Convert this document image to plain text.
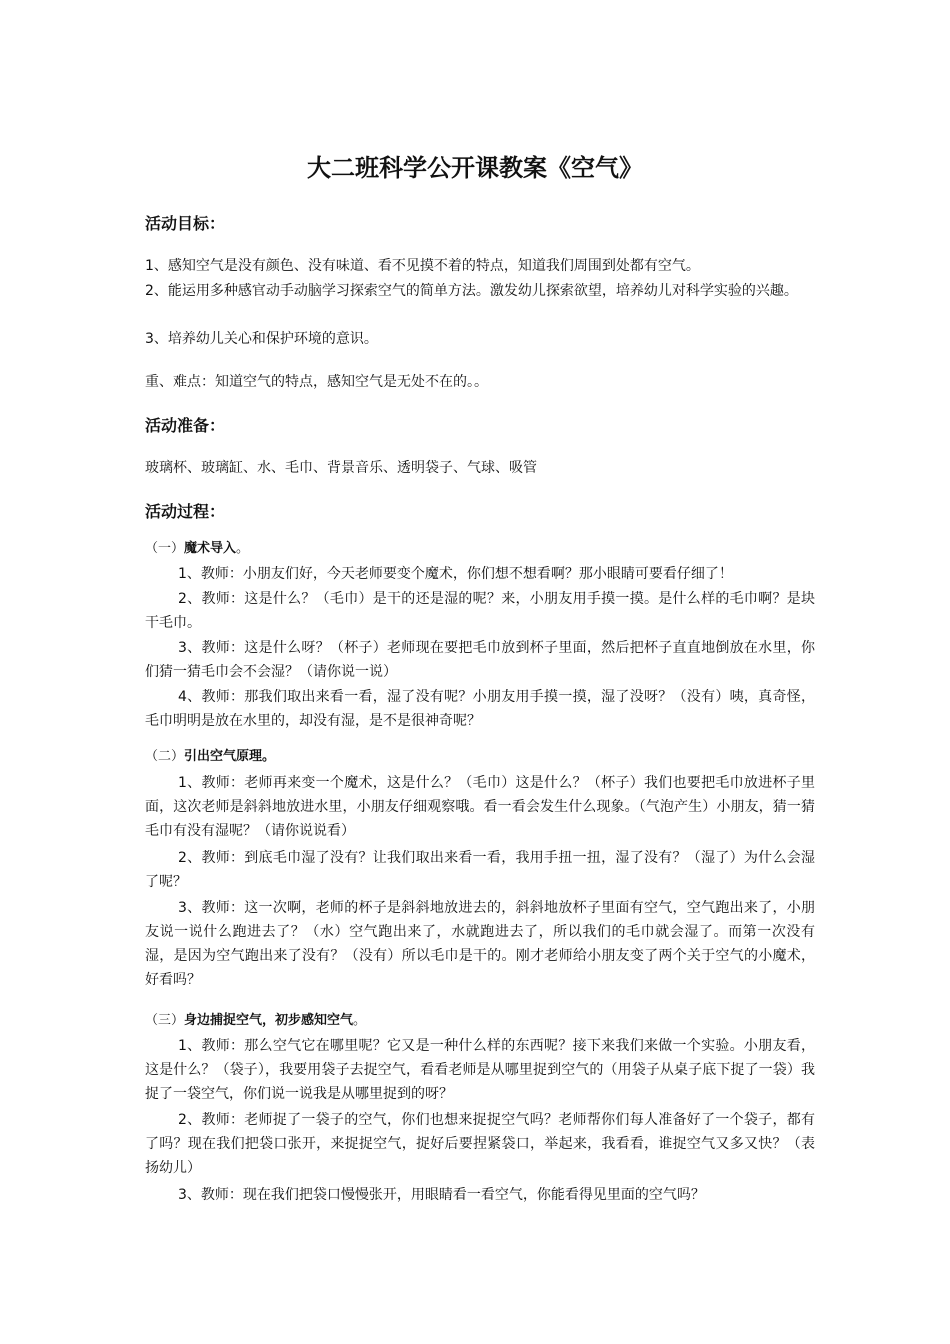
大二班科学公开课教案《空气》
活动目标：

1、感知空气是没有颜色、没有味道、看不见摸不着的特点，知道我们周围到处都有空气。

2、能运用多种感官动手动脑学习探索空气的简单方法。激发幼儿探索欲望，培养幼儿对科学实验的兴趣。

3、培养幼儿关心和保护环境的意识。

重、难点：知道空气的特点，感知空气是无处不在的。。

活动准备：

玻璃杯、玻璃缸、水、毛巾、背景音乐、透明袋子、气球、吸管

活动过程：
（一）魔术导入。

1、教师：小朋友们好，今天老师要变个魔术，你们想不想看啊？那小眼睛可要看仔细了！

2、教师：这是什么？（毛巾）是干的还是湿的呢？来，小朋友用手摸一摸。是什么样的毛巾啊？是块干毛巾。

3、教师：这是什么呀？（杯子）老师现在要把毛巾放到杯子里面，然后把杯子直直地倒放在水里，你们猜一猜毛巾会不会湿？（请你说一说）

4、教师：那我们取出来看一看，湿了没有呢？小朋友用手摸一摸，湿了没呀？（没有）咦，真奇怪，毛巾明明是放在水里的，却没有湿，是不是很神奇呢？

（二）引出空气原理。

1、教师：老师再来变一个魔术，这是什么？（毛巾）这是什么？（杯子）我们也要把毛巾放进杯子里面，这次老师是斜斜地放进水里，小朋友仔细观察哦。看一看会发生什么现象。（气泡产生）小朋友，猜一猜毛巾有没有湿呢？（请你说说看）

2、教师：到底毛巾湿了没有？让我们取出来看一看，我用手扭一扭，湿了没有？（湿了）为什么会湿了呢？

3、教师：这一次啊，老师的杯子是斜斜地放进去的，斜斜地放杯子里面有空气，空气跑出来了，小朋友说一说什么跑进去了？（水）空气跑出来了，水就跑进去了，所以我们的毛巾就会湿了。而第一次没有湿，是因为空气跑出来了没有？（没有）所以毛巾是干的。刚才老师给小朋友变了两个关于空气的小魔术，好看吗？

（三）身边捕捉空气，初步感知空气。

1、教师：那么空气它在哪里呢？它又是一种什么样的东西呢？接下来我们来做一个实验。小朋友看，这是什么？（袋子），我要用袋子去捉空气，看看老师是从哪里捉到空气的（用袋子从桌子底下捉了一袋）我捉了一袋空气，你们说一说我是从哪里捉到的呀？

2、教师：老师捉了一袋子的空气，你们也想来捉捉空气吗？老师帮你们每人准备好了一个袋子，都有了吗？现在我们把袋口张开，来捉捉空气，捉好后要捏紧袋口，举起来，我看看，谁捉空气又多又快？（表扬幼儿）

3、教师：现在我们把袋口慢慢张开，用眼睛看一看空气，你能看得见里面的空气吗？
